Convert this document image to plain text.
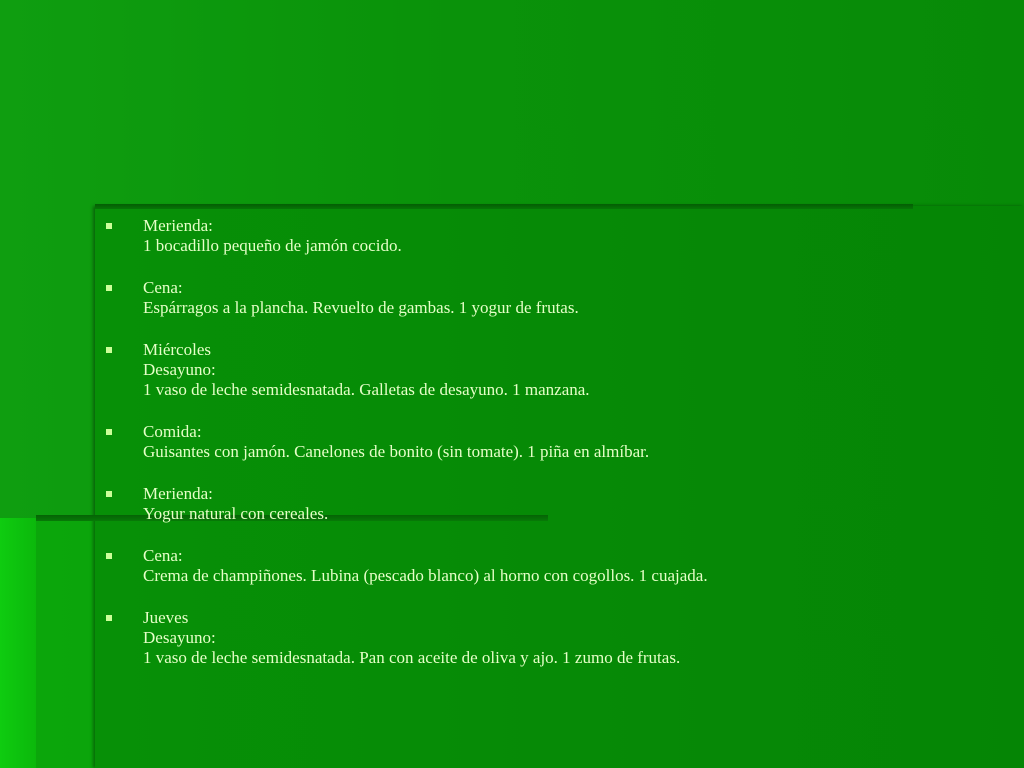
Merienda:
1 bocadillo pequeño de jamón cocido.
Cena:
Espárragos a la plancha. Revuelto de gambas. 1 yogur de frutas.
Miércoles
Desayuno:
1 vaso de leche semidesnatada. Galletas de desayuno. 1 manzana.
Comida:
Guisantes con jamón. Canelones de bonito (sin tomate). 1 piña en almíbar.
Merienda:
Yogur natural con cereales.
Cena:
Crema de champiñones. Lubina (pescado blanco) al horno con cogollos. 1 cuajada.
Jueves
Desayuno:
1 vaso de leche semidesnatada. Pan con aceite de oliva y ajo. 1 zumo de frutas.
